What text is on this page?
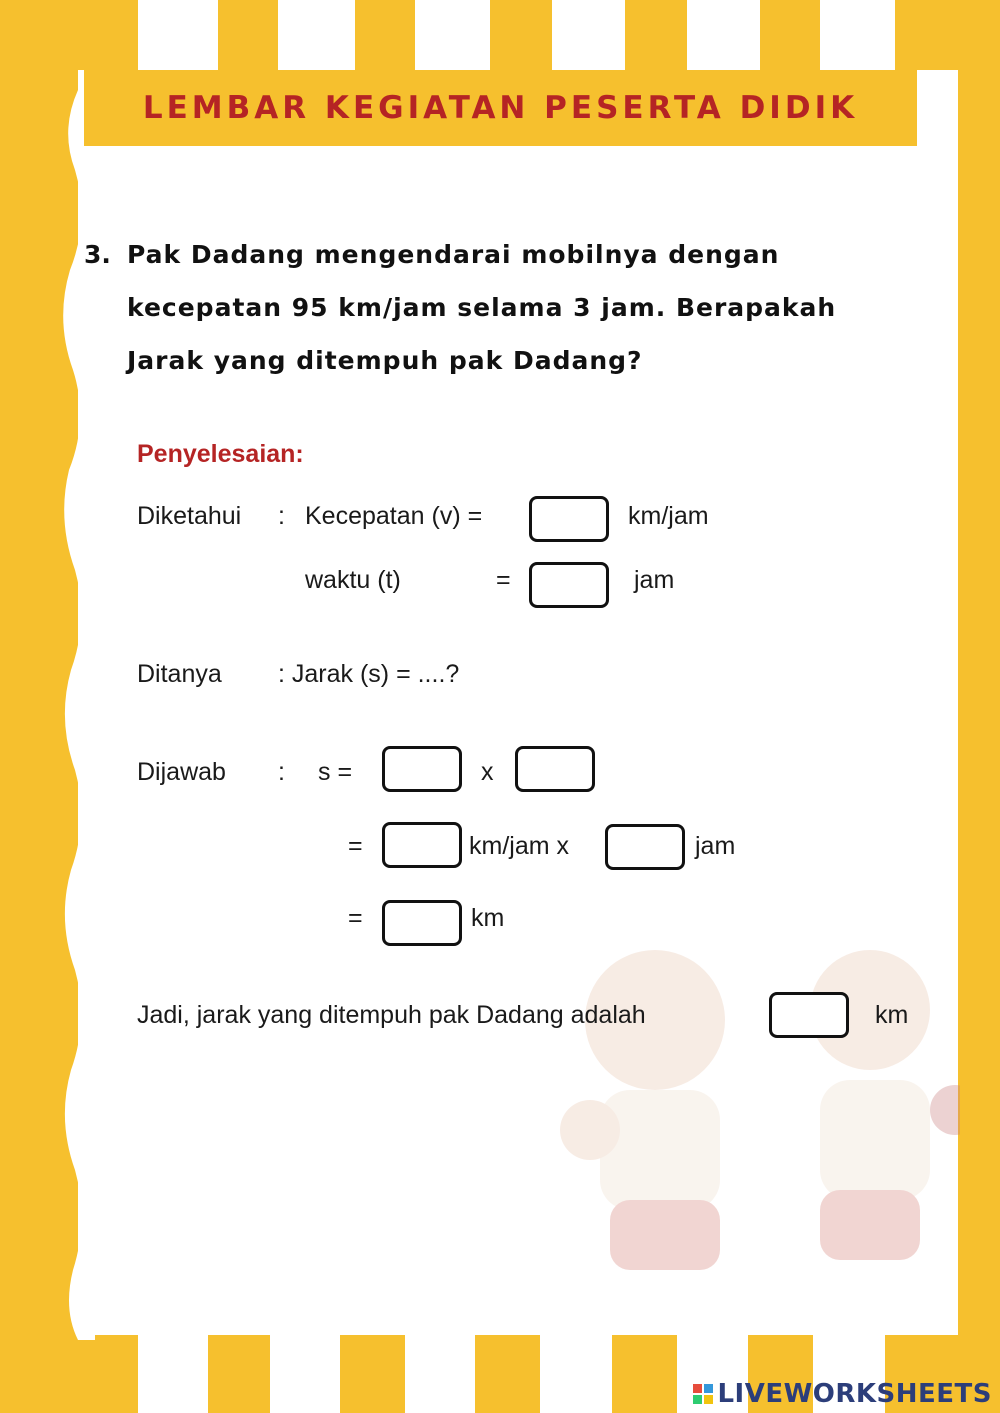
LEMBAR KEGIATAN PESERTA DIDIK
3. Pak Dadang mengendarai mobilnya dengan
kecepatan 95 km/jam selama 3 jam. Berapakah
Jarak yang ditempuh pak Dadang?
Penyelesaian:
Diketahui : Kecepatan (v) =	km/jam
waktu (t)	=	jam
Ditanya : Jarak (s) = ....?
Dijawab : s =	x
=	km/jam x	jam
=	km
Jadi, jarak yang ditempuh pak Dadang adalah	km
LIVEWORKSHEETS
